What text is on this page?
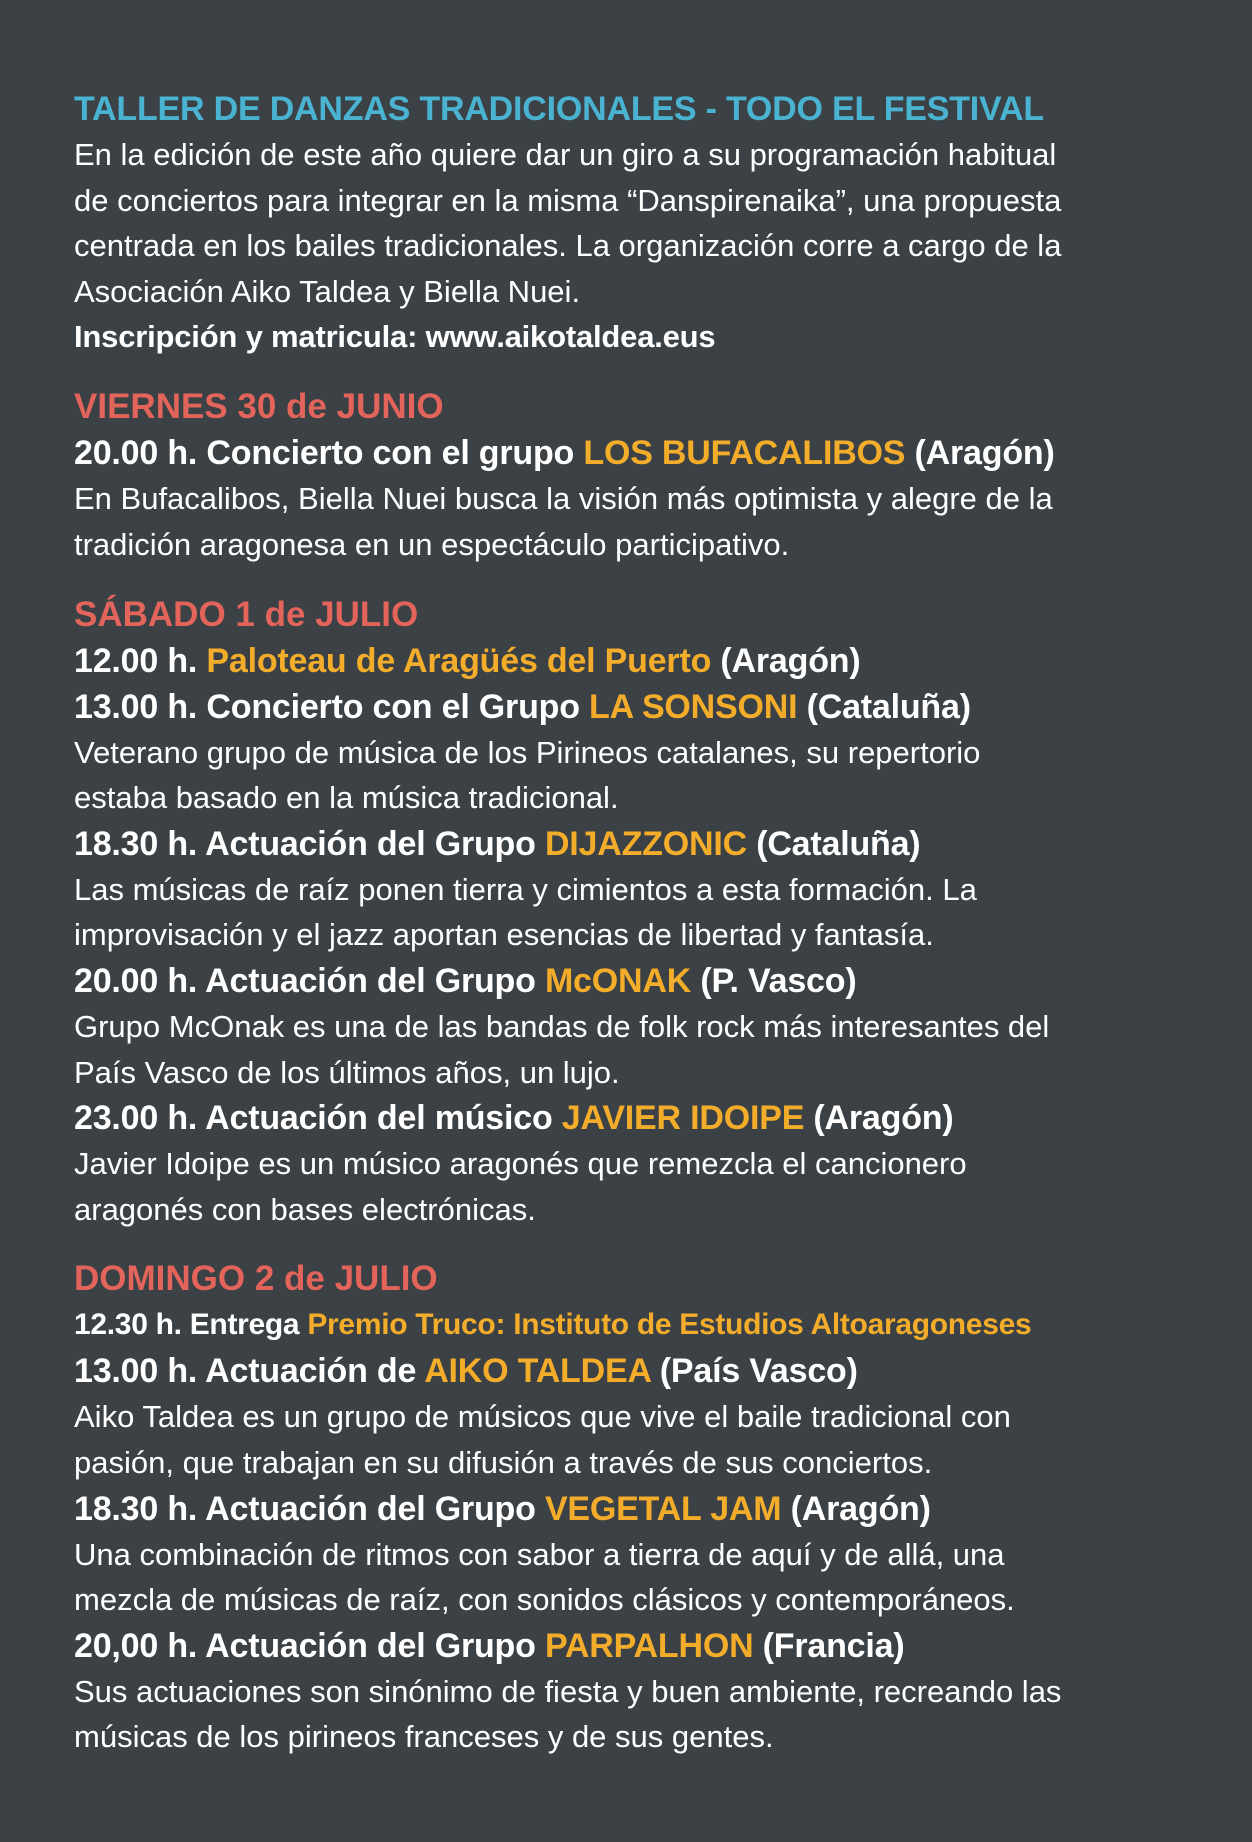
TALLER DE DANZAS TRADICIONALES - TODO EL FESTIVAL
En la edición de este año quiere dar un giro a su programación habitual
de conciertos para integrar en la misma “Danspirenaika”, una propuesta
centrada en los bailes tradicionales. La organización corre a cargo de la
Asociación Aiko Taldea y Biella Nuei.
Inscripción y matricula: www.aikotaldea.eus
VIERNES 30 de JUNIO
20.00 h. Concierto con el grupo LOS BUFACALIBOS (Aragón)
En Bufacalibos, Biella Nuei busca la visión más optimista y alegre de la
tradición aragonesa en un espectáculo participativo.
SÁBADO 1 de JULIO
12.00 h. Paloteau de Aragüés del Puerto (Aragón)
13.00 h. Concierto con el Grupo LA SONSONI (Cataluña)
Veterano grupo de música de los Pirineos catalanes, su repertorio
estaba basado en la música tradicional.
18.30 h. Actuación del Grupo DIJAZZONIC (Cataluña)
Las músicas de raíz ponen tierra y cimientos a esta formación. La
improvisación y el jazz aportan esencias de libertad y fantasía.
20.00 h. Actuación del Grupo McONAK (P. Vasco)
Grupo McOnak es una de las bandas de folk rock más interesantes del
País Vasco de los últimos años, un lujo.
23.00 h. Actuación del músico JAVIER IDOIPE (Aragón)
Javier Idoipe es un músico aragonés que remezcla el cancionero
aragonés con bases electrónicas.
DOMINGO 2 de JULIO
12.30 h. Entrega Premio Truco: Instituto de Estudios Altoaragoneses
13.00 h. Actuación de AIKO TALDEA (País Vasco)
Aiko Taldea es un grupo de músicos que vive el baile tradicional con
pasión, que trabajan en su difusión a través de sus conciertos.
18.30 h. Actuación del Grupo VEGETAL JAM (Aragón)
Una combinación de ritmos con sabor a tierra de aquí y de allá, una
mezcla de músicas de raíz, con sonidos clásicos y contemporáneos.
20,00 h. Actuación del Grupo PARPALHON (Francia)
Sus actuaciones son sinónimo de fiesta y buen ambiente, recreando las
músicas de los pirineos franceses y de sus gentes.
